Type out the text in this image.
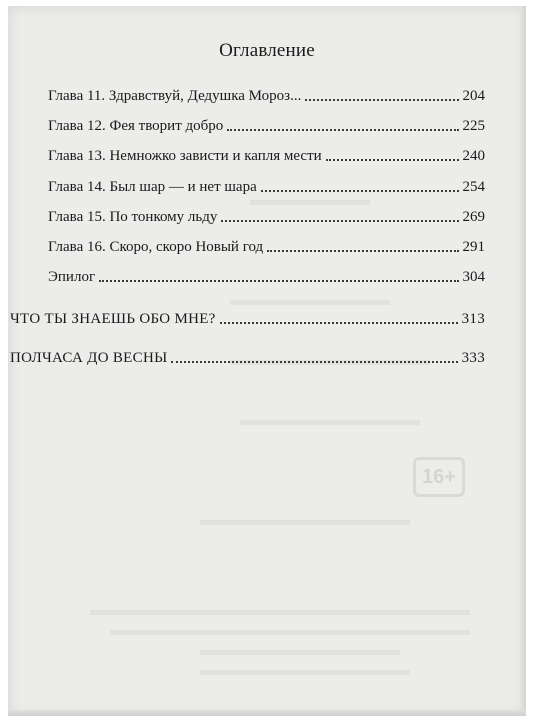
16+
Оглавление
Глава 11. Здравствуй, Дедушка Мороз...	204
Глава 12. Фея творит добро	225
Глава 13. Немножко зависти и капля мести	240
Глава 14. Был шар — и нет шара	254
Глава 15. По тонкому льду	269
Глава 16. Скоро, скоро Новый год	291
Эпилог	304
ЧТО ТЫ ЗНАЕШЬ ОБО МНЕ?	313
ПОЛЧАСА ДО ВЕСНЫ	333
